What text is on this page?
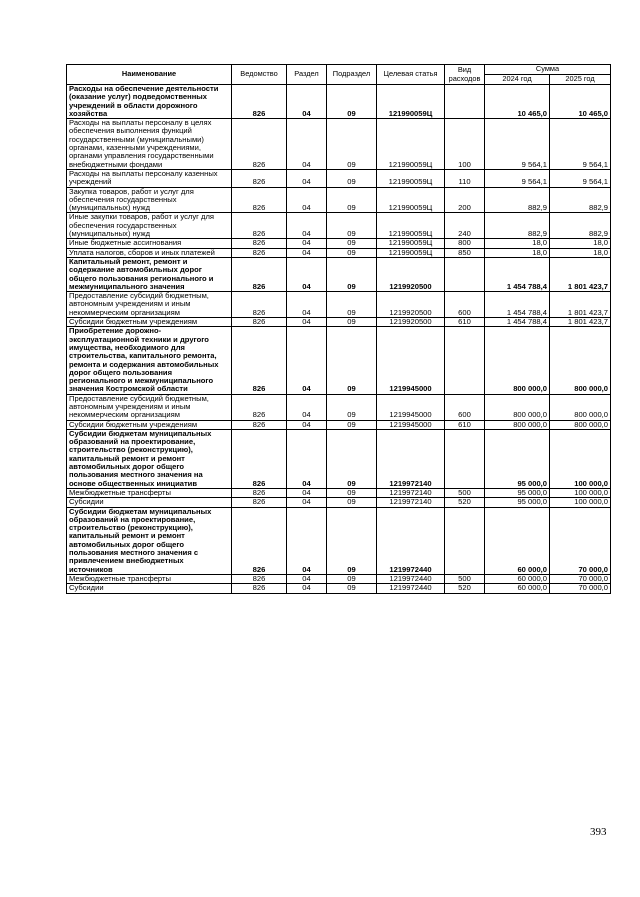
Наименование	Ведомство	Раздел	Подраздел	Целевая статья	Вид расходов	Сумма	
						2024 год	2025 год
Расходы на обеспечение деятельности (оказание услуг) подведомственных учреждений в области дорожного хозяйства	826	04	09	121990059Ц		10 465,0	10 465,0
Расходы на выплаты персоналу в целях обеспечения выполнения функций государственными (муниципальными) органами, казенными учреждениями, органами управления государственными внебюджетными фондами	826	04	09	121990059Ц	100	9 564,1	9 564,1
Расходы на выплаты персоналу казенных учреждений	826	04	09	121990059Ц	110	9 564,1	9 564,1
Закупка товаров, работ и услуг для обеспечения государственных (муниципальных) нужд	826	04	09	121990059Ц	200	882,9	882,9
Иные закупки товаров, работ и услуг для обеспечения государственных (муниципальных) нужд	826	04	09	121990059Ц	240	882,9	882,9
Иные бюджетные ассигнования	826	04	09	121990059Ц	800	18,0	18,0
Уплата налогов, сборов и иных платежей	826	04	09	121990059Ц	850	18,0	18,0
Капитальный ремонт, ремонт и содержание автомобильных дорог общего пользования регионального и межмуниципального значения	826	04	09	1219920500		1 454 788,4	1 801 423,7
Предоставление субсидий бюджетным, автономным учреждениям и иным некоммерческим организациям	826	04	09	1219920500	600	1 454 788,4	1 801 423,7
Субсидии бюджетным учреждениям	826	04	09	1219920500	610	1 454 788,4	1 801 423,7
Приобретение дорожно-эксплуатационной техники и другого имущества, необходимого для строительства, капитального ремонта, ремонта и содержания автомобильных дорог общего пользования регионального и межмуниципального значения Костромской области	826	04	09	1219945000		800 000,0	800 000,0
Предоставление субсидий бюджетным, автономным учреждениям и иным некоммерческим организациям	826	04	09	1219945000	600	800 000,0	800 000,0
Субсидии бюджетным учреждениям	826	04	09	1219945000	610	800 000,0	800 000,0
Субсидии бюджетам муниципальных образований на проектирование, строительство (реконструкцию), капитальный ремонт и ремонт автомобильных дорог общего пользования местного значения на основе общественных инициатив	826	04	09	1219972140		95 000,0	100 000,0
Межбюджетные трансферты	826	04	09	1219972140	500	95 000,0	100 000,0
Субсидии	826	04	09	1219972140	520	95 000,0	100 000,0
Субсидии бюджетам муниципальных образований на проектирование, строительство (реконструкцию), капитальный ремонт и ремонт автомобильных дорог общего пользования местного значения с привлечением внебюджетных источников	826	04	09	1219972440		60 000,0	70 000,0
Межбюджетные трансферты	826	04	09	1219972440	500	60 000,0	70 000,0
Субсидии	826	04	09	1219972440	520	60 000,0	70 000,0
393
